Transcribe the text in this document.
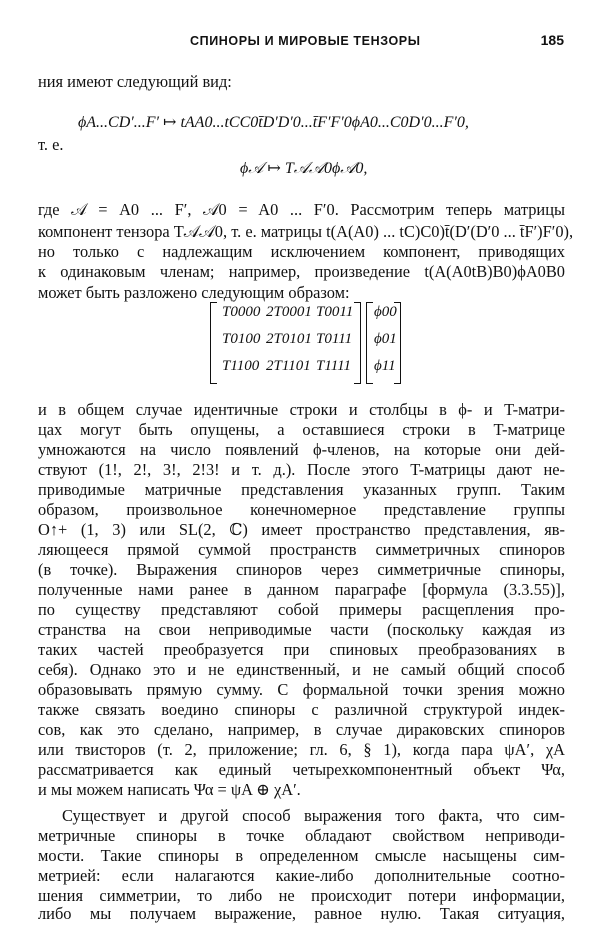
СПИНОРЫ И МИРОВЫЕ ТЕНЗОРЫ	185
ния имеют следующий вид:
ϕA...CD′...F′ ↦ tAA0...tCC0t̄D′D′0...t̄F′F′0ϕA0...C0D′0...F′0,
т. е.
ϕ𝒜 ↦ T𝒜𝒜0ϕ𝒜0,
где 𝒜 = A0 ... F′, 𝒜0 = A0 ... F′0. Рассмотрим теперь матрицы
компонент тензора T𝒜𝒜0, т. е. матрицы t(A(A0) ... tC)C0)t̄(D′(D′0 ... t̄F′)F′0),
но только с надлежащим исключением компонент, приводящих
к одинаковым членам; например, произведение t(A(A0tB)B0)ϕA0B0
может быть разложено следующим образом:
T0000 2T0001 T0011
T0100 2T0101 T0111
T1100 2T1101 T1111
ϕ00
ϕ01
ϕ11
и в общем случае идентичные строки и столбцы в ϕ- и T-матри-
цах могут быть опущены, а оставшиеся строки в T-матрице
умножаются на число появлений ϕ-членов, на которые они дей-
ствуют (1!, 2!, 3!, 2!3! и т. д.). После этого T-матрицы дают не-
приводимые матричные представления указанных групп. Таким
образом, произвольное конечномерное представление группы
O↑+ (1, 3) или SL(2, ℂ) имеет пространство представления, яв-
ляющееся прямой суммой пространств симметричных спиноров
(в точке). Выражения спиноров через симметричные спиноры,
полученные нами ранее в данном параграфе [формула (3.3.55)],
по существу представляют собой примеры расщепления про-
странства на свои неприводимые части (поскольку каждая из
таких частей преобразуется при спиновых преобразованиях в
себя). Однако это и не единственный, и не самый общий способ
образовывать прямую сумму. С формальной точки зрения можно
также связать воедино спиноры с различной структурой индек-
сов, как это сделано, например, в случае дираковских спиноров
или твисторов (т. 2, приложение; гл. 6, § 1), когда пара ψA′, χA
рассматривается как единый четырехкомпонентный объект Ψα,
и мы можем написать Ψα = ψA ⊕ χA′.
Существует и другой способ выражения того факта, что сим-
метричные спиноры в точке обладают свойством неприводи-
мости. Такие спиноры в определенном смысле насыщены сим-
метрией: если налагаются какие-либо дополнительные соотно-
шения симметрии, то либо не происходит потери информации,
либо мы получаем выражение, равное нулю. Такая ситуация,
